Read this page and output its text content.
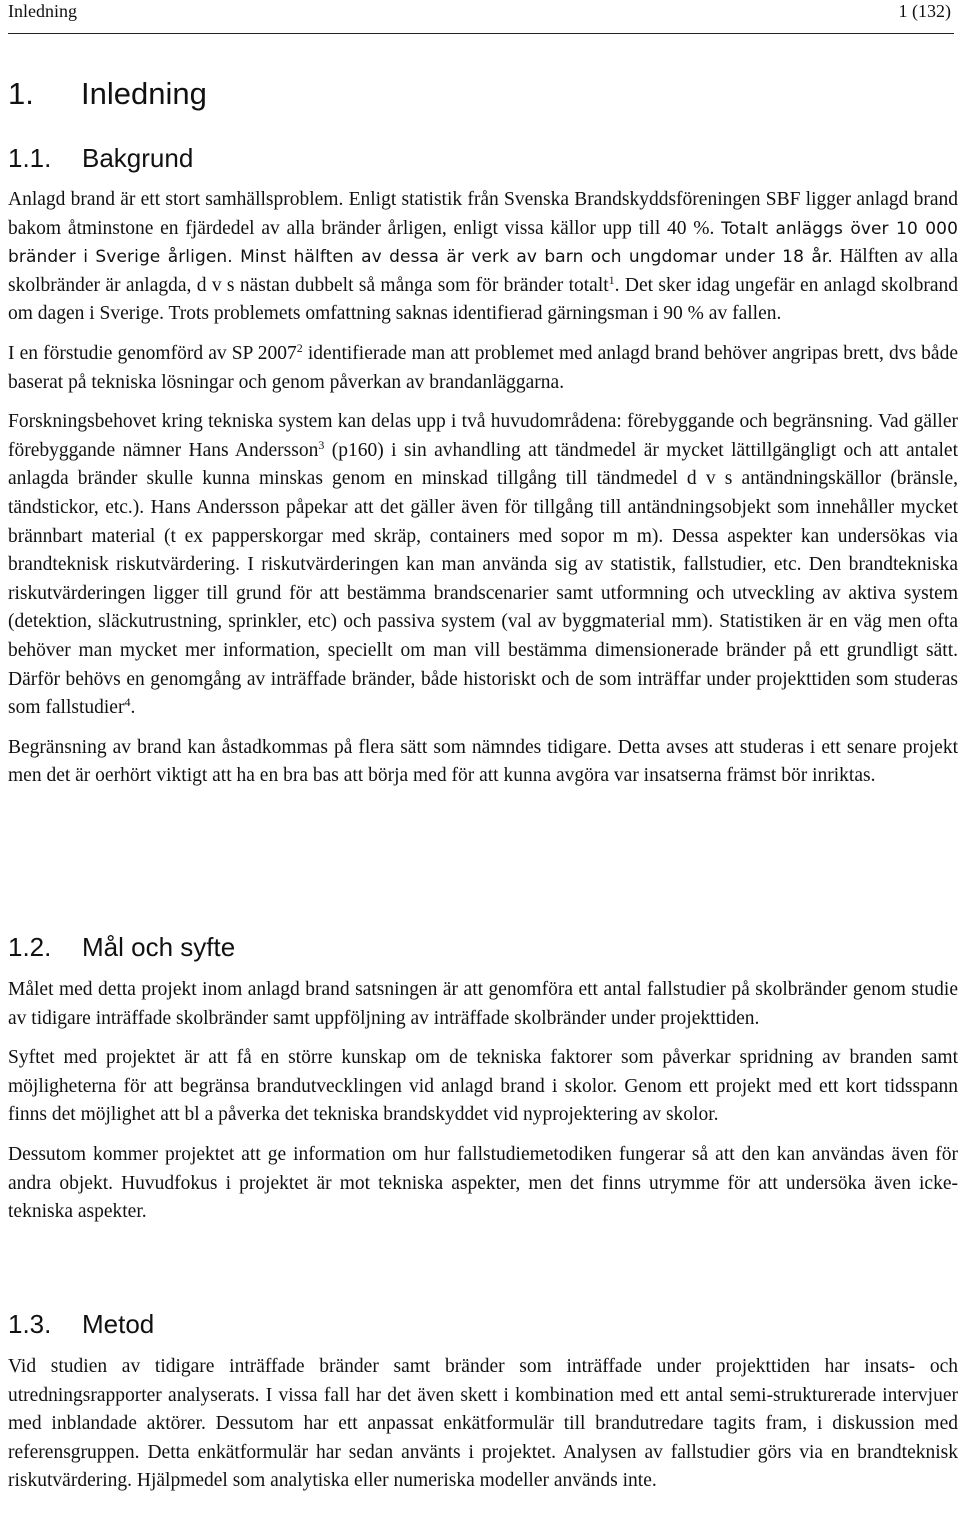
Inledning	1 (132)
1. Inledning
1.1. Bakgrund

Anlagd brand är ett stort samhällsproblem. Enligt statistik från Svenska Brandskyddsföreningen SBF ligger anlagd brand bakom åtminstone en fjärdedel av alla bränder årligen, enligt vissa källor upp till 40 %. Totalt anläggs över 10 000 bränder i Sverige årligen. Minst hälften av dessa är verk av barn och ungdomar under 18 år. Hälften av alla skolbränder är anlagda, d v s nästan dubbelt så många som för bränder totalt$^1$. Det sker idag ungefär en anlagd skolbrand om dagen i Sverige. Trots problemets omfattning saknas identifierad gärningsman i 90 % av fallen.

I en förstudie genomförd av SP 2007$^2$ identifierade man att problemet med anlagd brand behöver angripas brett, dvs både baserat på tekniska lösningar och genom påverkan av brandanläggarna.

Forskningsbehovet kring tekniska system kan delas upp i två huvudområdena: förebyggande och begränsning. Vad gäller förebyggande nämner Hans Andersson$^3$ (p160) i sin avhandling att tändmedel är mycket lättillgängligt och att antalet anlagda bränder skulle kunna minskas genom en minskad tillgång till tändmedel d v s antändningskällor (bränsle, tändstickor, etc.). Hans Andersson påpekar att det gäller även för tillgång till antändningsobjekt som innehåller mycket brännbart material (t ex papperskorgar med skräp, containers med sopor m m). Dessa aspekter kan undersökas via brandteknisk riskutvärdering. I riskutvärderingen kan man använda sig av statistik, fallstudier, etc. Den brandtekniska riskutvärderingen ligger till grund för att bestämma brandscenarier samt utformning och utveckling av aktiva system (detektion, släckutrustning, sprinkler, etc) och passiva system (val av byggmaterial mm). Statistiken är en väg men ofta behöver man mycket mer information, speciellt om man vill bestämma dimensionerade bränder på ett grundligt sätt. Därför behövs en genomgång av inträffade bränder, både historiskt och de som inträffar under projekttiden som studeras som fallstudier$^4$.

Begränsning av brand kan åstadkommas på flera sätt som nämndes tidigare. Detta avses att studeras i ett senare projekt men det är oerhört viktigt att ha en bra bas att börja med för att kunna avgöra var insatserna främst bör inriktas.

1.2. Mål och syfte

Målet med detta projekt inom anlagd brand satsningen är att genomföra ett antal fallstudier på skolbränder genom studie av tidigare inträffade skolbränder samt uppföljning av inträffade skolbränder under projekttiden.

Syftet med projektet är att få en större kunskap om de tekniska faktorer som påverkar spridning av branden samt möjligheterna för att begränsa brandutvecklingen vid anlagd brand i skolor. Genom ett projekt med ett kort tidsspann finns det möjlighet att bl a påverka det tekniska brandskyddet vid nyprojektering av skolor.

Dessutom kommer projektet att ge information om hur fallstudiemetodiken fungerar så att den kan användas även för andra objekt. Huvudfokus i projektet är mot tekniska aspekter, men det finns utrymme för att undersöka även icke-tekniska aspekter.

1.3. Metod

Vid studien av tidigare inträffade bränder samt bränder som inträffade under projekttiden har insats- och utredningsrapporter analyserats. I vissa fall har det även skett i kombination med ett antal semi-strukturerade intervjuer med inblandade aktörer. Dessutom har ett anpassat enkätformulär till brandutredare tagits fram, i diskussion med referensgruppen. Detta enkätformulär har sedan använts i projektet. Analysen av fallstudier görs via en brandteknisk riskutvärdering. Hjälpmedel som analytiska eller numeriska modeller används inte.
